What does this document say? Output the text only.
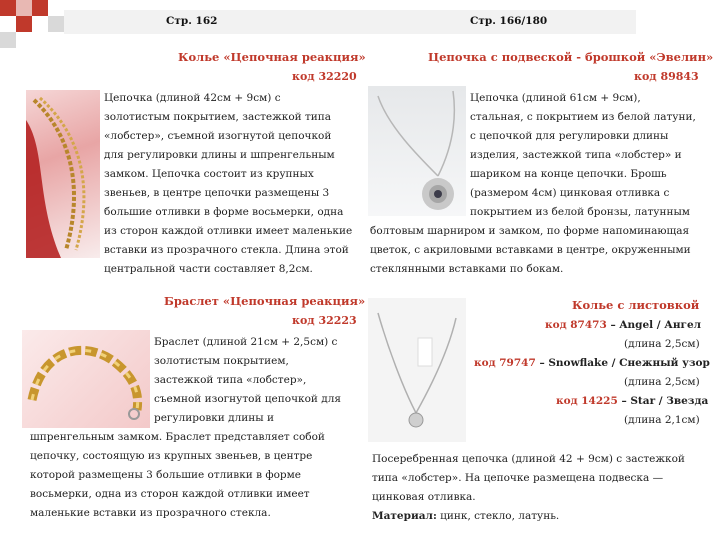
Стр. 162	Стр. 166/180
Колье «Цепочная реакция»
код 32220

Цепочка (длиной 42см + 9см) с

золотистым покрытием, застежкой типа

«лобстер», съемной изогнутой цепочкой

для регулировки длины и шпренгельным

замком. Цепочка состоит из крупных

звеньев, в центре цепочки размещены 3

большие отливки в форме восьмерки, одна

из сторон каждой отливки имеет маленькие

вставки из прозрачного стекла. Длина этой

центральной части составляет 8,2см.

Браслет «Цепочная реакция»
код 32223

Браслет (длиной 21см + 2,5см) с

золотистым покрытием,

застежкой типа «лобстер»,

съемной изогнутой цепочкой для

регулировки длины и

шпренгельным замком. Браслет представляет собой

цепочку, состоящую из крупных звеньев, в центре

которой размещены 3 большие отливки в форме

восьмерки, одна из сторон каждой отливки имеет

маленькие вставки из прозрачного стекла.

Цепочка с подвеской - брошкой «Эвелин»
код 89843

Цепочка (длиной 61см + 9см),

стальная, с покрытием из белой латуни,

с цепочкой для регулировки длины

изделия, застежкой типа «лобстер» и

шариком на конце цепочки. Брошь

(размером 4см) цинковая отливка с

покрытием из белой бронзы, латунным

болтовым шарниром и замком, по форме напоминающая

цветок, с акриловыми вставками в центре, окруженными

стеклянными вставками по бокам.

Колье с листовкой
код 87473 – Angel / Ангел
(длина 2,5см)
код 79747 – Snowflake / Снежный узор
(длина 2,5см)
код 14225 – Star / Звезда
(длина 2,1см)

Посеребренная цепочка (длиной 42 + 9см) с застежкой

типа «лобстер». На цепочке размещена подвеска —

цинковая отливка.

Материал: цинк, стекло, латунь.
